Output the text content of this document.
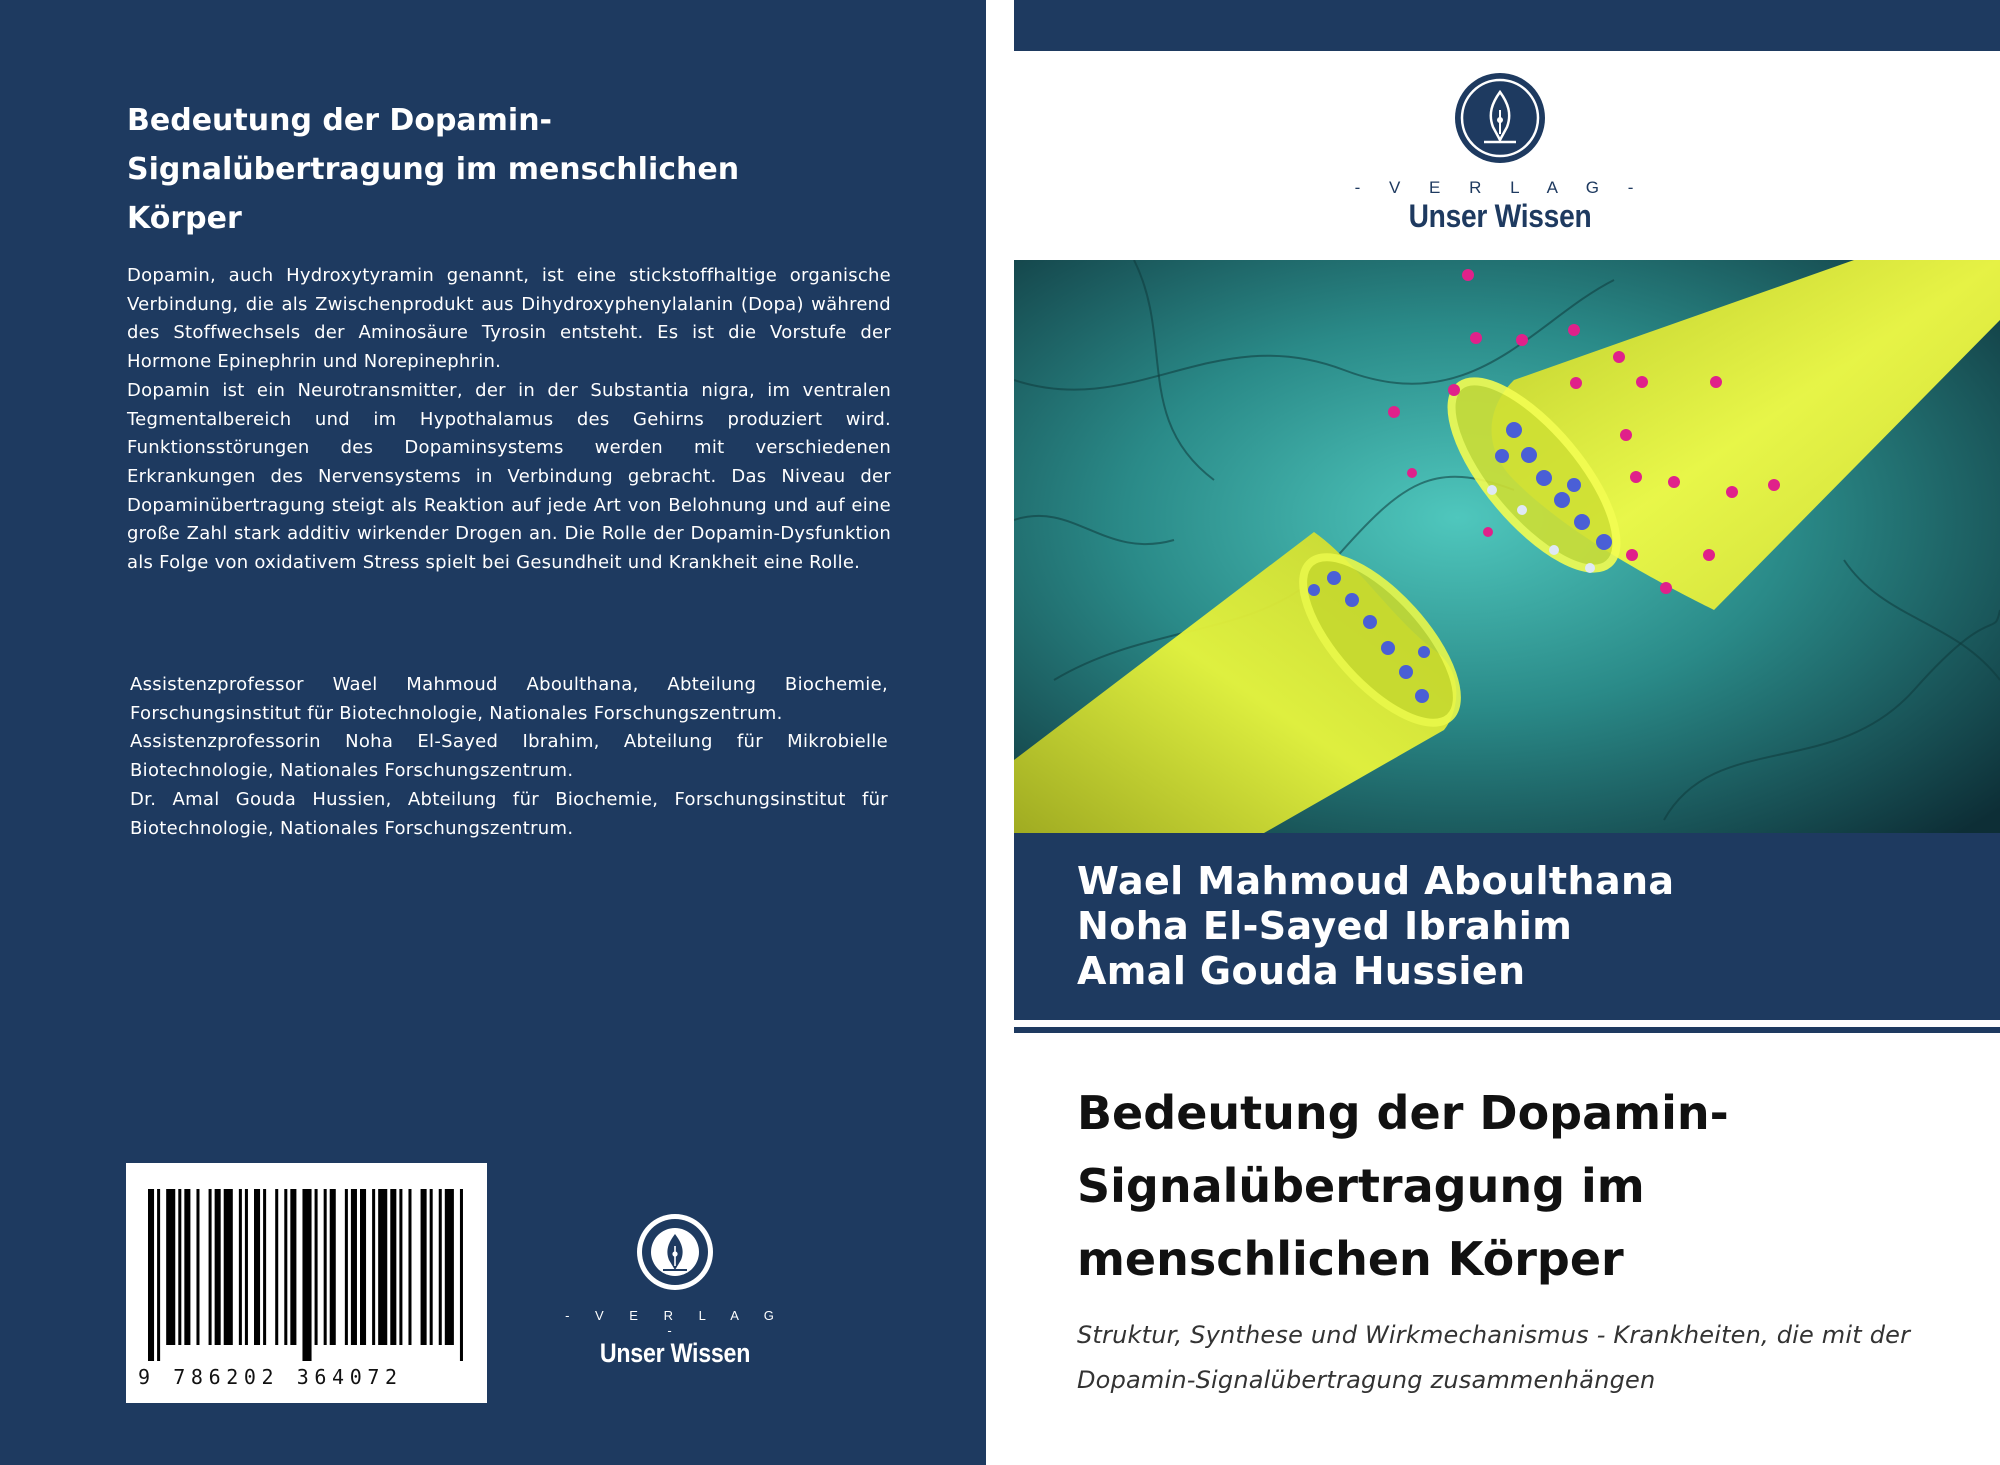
Bedeutung der Dopamin-Signalübertragung im menschlichen Körper

Dopamin, auch Hydroxytyramin genannt, ist eine stickstoffhaltige organische Verbindung, die als Zwischenprodukt aus Dihydroxyphenylalanin (Dopa) während des Stoffwechsels der Aminosäure Tyrosin entsteht. Es ist die Vorstufe der Hormone Epinephrin und Norepinephrin.

Dopamin ist ein Neurotransmitter, der in der Substantia nigra, im ventralen Tegmentalbereich und im Hypothalamus des Gehirns produziert wird. Funktionsstörungen des Dopaminsystems werden mit verschiedenen Erkrankungen des Nervensystems in Verbindung gebracht. Das Niveau der Dopaminübertragung steigt als Reaktion auf jede Art von Belohnung und auf eine große Zahl stark additiv wirkender Drogen an. Die Rolle der Dopamin-Dysfunktion als Folge von oxidativem Stress spielt bei Gesundheit und Krankheit eine Rolle.

Assistenzprofessor Wael Mahmoud Aboulthana, Abteilung Biochemie, Forschungsinstitut für Biotechnologie, Nationales Forschungszentrum.

Assistenzprofessorin Noha El-Sayed Ibrahim, Abteilung für Mikrobielle Biotechnologie, Nationales Forschungszentrum.

Dr. Amal Gouda Hussien, Abteilung für Biochemie, Forschungsinstitut für Biotechnologie, Nationales Forschungszentrum.

9 786202 364072
- V E R L A G -
Unser Wissen
- V E R L A G -
Unser Wissen
Wael Mahmoud Aboulthana
Noha El-Sayed Ibrahim
Amal Gouda Hussien
Bedeutung der Dopamin-Signalübertragung im menschlichen Körper

Struktur, Synthese und Wirkmechanismus - Krankheiten, die mit der Dopamin-Signalübertragung zusammenhängen
